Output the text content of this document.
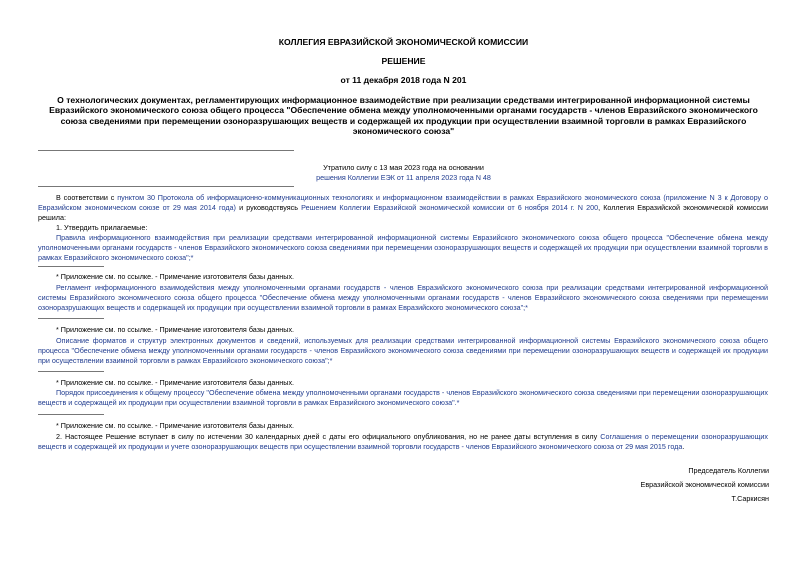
КОЛЛЕГИЯ ЕВРАЗИЙСКОЙ ЭКОНОМИЧЕСКОЙ КОМИССИИ
РЕШЕНИЕ
от 11 декабря 2018 года N 201
О технологических документах, регламентирующих информационное взаимодействие при реализации средствами интегрированной информационной системы Евразийского экономического союза общего процесса "Обеспечение обмена между уполномоченными органами государств - членов Евразийского экономического союза сведениями при перемещении озоноразрушающих веществ и содержащей их продукции при осуществлении взаимной торговли в рамках Евразийского экономического союза"
Утратило силу с 13 мая 2023 года на основании
решения Коллегии ЕЭК от 11 апреля 2023 года N 48
В соответствии с пунктом 30 Протокола об информационно-коммуникационных технологиях и информационном взаимодействии в рамках Евразийского экономического союза (приложение N 3 к Договору о Евразийском экономическом союзе от 29 мая 2014 года) и руководствуясь Решением Коллегии Евразийской экономической комиссии от 6 ноября 2014 г. N 200, Коллегия Евразийской экономической комиссии решила:
1. Утвердить прилагаемые:
Правила информационного взаимодействия при реализации средствами интегрированной информационной системы Евразийского экономического союза общего процесса "Обеспечение обмена между уполномоченными органами государств - членов Евразийского экономического союза сведениями при перемещении озоноразрушающих веществ и содержащей их продукции при осуществлении взаимной торговли в рамках Евразийского экономического союза";*
* Приложение см. по ссылке. - Примечание изготовителя базы данных.
Регламент информационного взаимодействия между уполномоченными органами государств - членов Евразийского экономического союза при реализации средствами интегрированной информационной системы Евразийского экономического союза общего процесса "Обеспечение обмена между уполномоченными органами государств - членов Евразийского экономического союза сведениями при перемещении озоноразрушающих веществ и содержащей их продукции при осуществлении взаимной торговли в рамках Евразийского экономического союза";*
* Приложение см. по ссылке. - Примечание изготовителя базы данных.
Описание форматов и структур электронных документов и сведений, используемых для реализации средствами интегрированной информационной системы Евразийского экономического союза общего процесса "Обеспечение обмена между уполномоченными органами государств - членов Евразийского экономического союза сведениями при перемещении озоноразрушающих веществ и содержащей их продукции при осуществлении взаимной торговли в рамках Евразийского экономического союза";*
* Приложение см. по ссылке. - Примечание изготовителя базы данных.
Порядок присоединения к общему процессу "Обеспечение обмена между уполномоченными органами государств - членов Евразийского экономического союза сведениями при перемещении озоноразрушающих веществ и содержащей их продукции при осуществлении взаимной торговли в рамках Евразийского экономического союза".*
* Приложение см. по ссылке. - Примечание изготовителя базы данных.
2. Настоящее Решение вступает в силу по истечении 30 календарных дней с даты его официального опубликования, но не ранее даты вступления в силу Соглашения о перемещении озоноразрушающих веществ и содержащей их продукции и учете озоноразрушающих веществ при осуществлении взаимной торговли государств - членов Евразийского экономического союза от 29 мая 2015 года.
Председатель Коллегии
Евразийской экономической комиссии
Т.Саркисян
